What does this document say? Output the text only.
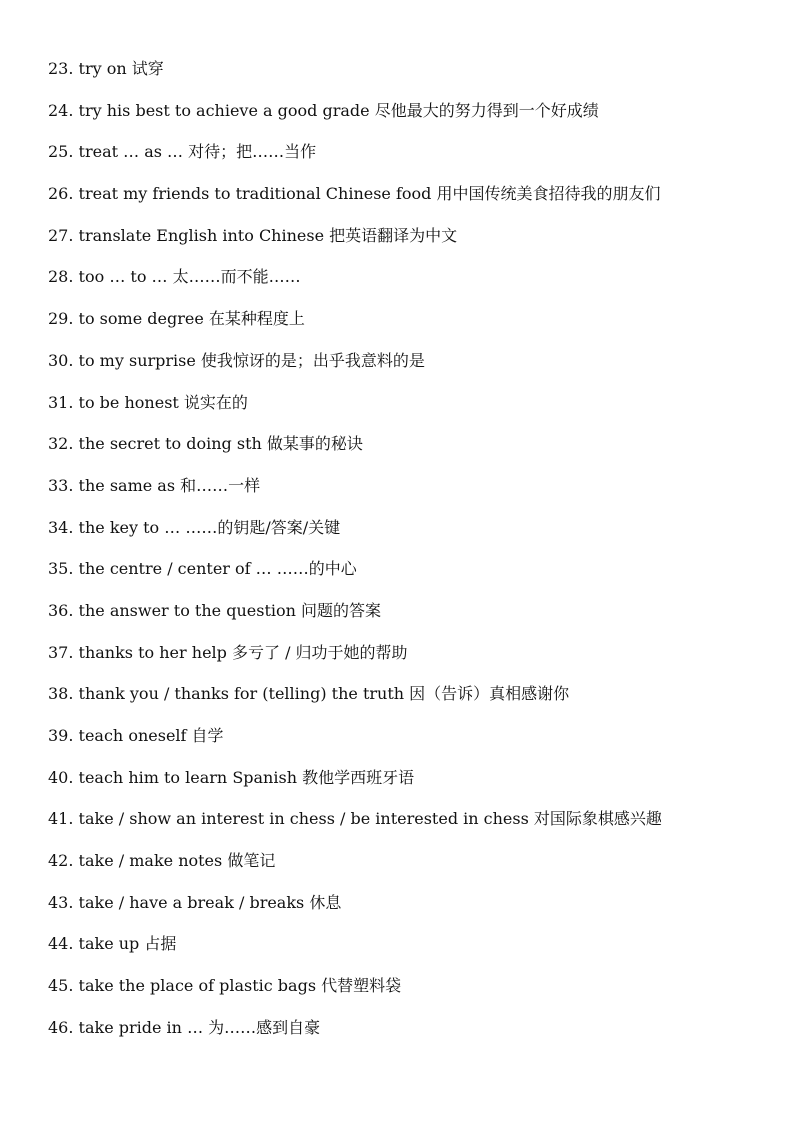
23. try on 试穿
24. try his best to achieve a good grade 尽他最大的努力得到一个好成绩
25. treat … as … 对待；把……当作
26. treat my friends to traditional Chinese food 用中国传统美食招待我的朋友们
27. translate English into Chinese 把英语翻译为中文
28. too … to … 太……而不能……
29. to some degree 在某种程度上
30. to my surprise 使我惊讶的是；出乎我意料的是
31. to be honest 说实在的
32. the secret to doing sth 做某事的秘诀
33. the same as 和……一样
34. the key to … ……的钥匙/答案/关键
35. the centre / center of … ……的中心
36. the answer to the question 问题的答案
37. thanks to her help 多亏了 / 归功于她的帮助
38. thank you / thanks for (telling) the truth 因（告诉）真相感谢你
39. teach oneself 自学
40. teach him to learn Spanish 教他学西班牙语
41. take / show an interest in chess / be interested in chess 对国际象棋感兴趣
42. take / make notes 做笔记
43. take / have a break / breaks 休息
44. take up 占据
45. take the place of plastic bags 代替塑料袋
46. take pride in … 为……感到自豪
